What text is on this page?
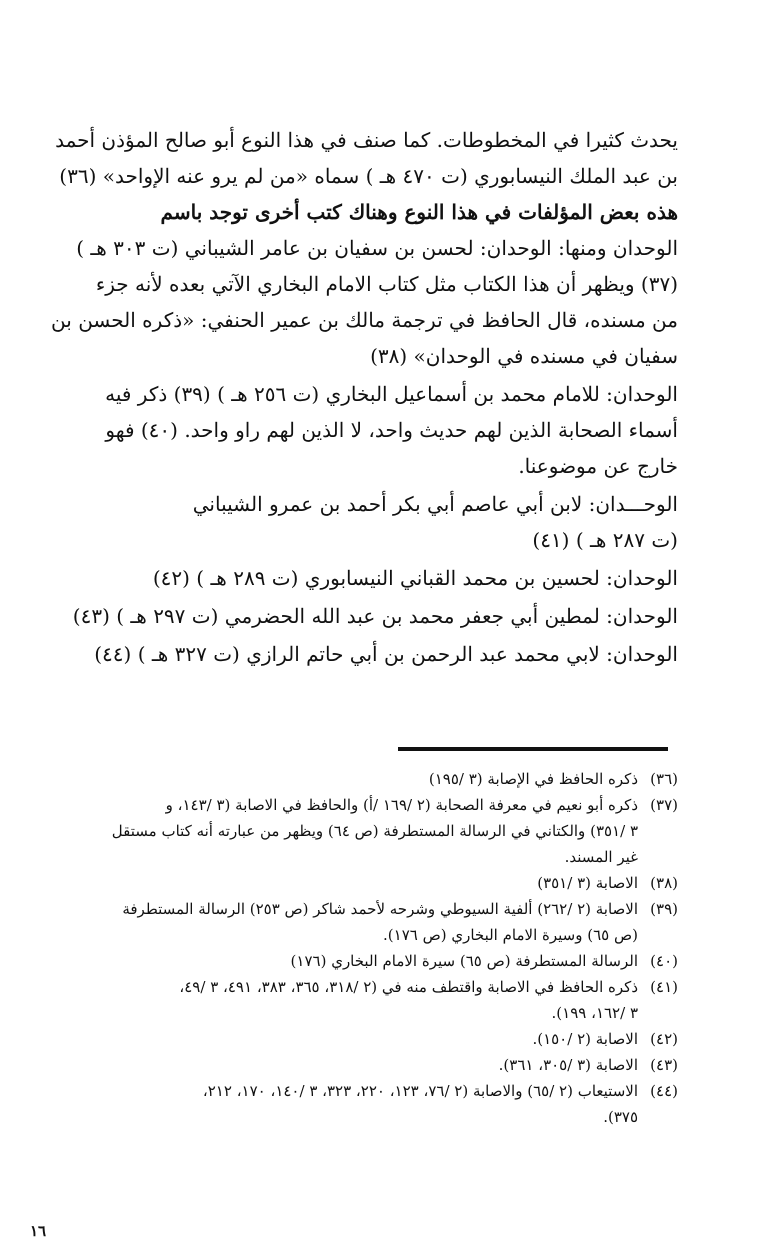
يحدث كثيرا في المخطوطات. كما صنف في هذا النوع أبو صالح المؤذن أحمد
بن عبد الملك النيسابوري (ت ٤٧٠ هـ ) سماه «من لم يرو عنه الإواحد» (٣٦)
هذه بعض المؤلفات في هذا النوع وهناك كتب أخرى توجد باسم
الوحدان ومنها: الوحدان: لحسن بن سفيان بن عامر الشيباني (ت ٣٠٣ هـ )
(٣٧) ويظهر أن هذا الكتاب مثل كتاب الامام البخاري الآتي بعده لأنه جزء
من مسنده، قال الحافظ في ترجمة مالك بن عمير الحنفي: «ذكره الحسن بن
سفيان في مسنده في الوحدان» (٣٨)
الوحدان: للامام محمد بن أسماعيل البخاري (ت ٢٥٦ هـ ) (٣٩) ذكر فيه
أسماء الصحابة الذين لهم حديث واحد، لا الذين لهم راو واحد. (٤٠) فهو
خارج عن موضوعنا.
الوحـــدان: لابن أبي عاصم أبي بكر أحمد بن عمرو الشيباني
(ت ٢٨٧ هـ ) (٤١)
الوحدان: لحسين بن محمد القباني النيسابوري (ت ٢٨٩ هـ ) (٤٢)
الوحدان: لمطين أبي جعفر محمد بن عبد الله الحضرمي (ت ٢٩٧ هـ ) (٤٣)
الوحدان: لابي محمد عبد الرحمن بن أبي حاتم الرازي (ت ٣٢٧ هـ ) (٤٤)
(٣٦)
ذكره الحافظ في الإصابة (٣ /١٩٥)
(٣٧)
ذكره أبو نعيم في معرفة الصحابة (٢ /١٦٩ /أ) والحافظ في الاصابة (٣ /١٤٣، و
٣ /٣٥١) والكتاني في الرسالة المستطرفة (ص ٦٤) ويظهر من عبارته أنه كتاب مستقل
غير المسند.
(٣٨)
الاصابة (٣ /٣٥١)
(٣٩)
الاصابة (٢ /٢٦٢) ألفية السيوطي وشرحه لأحمد شاكر (ص ٢٥٣) الرسالة المستطرفة
(ص ٦٥) وسيرة الامام البخاري (ص ١٧٦).
(٤٠)
الرسالة المستطرفة (ص ٦٥) سيرة الامام البخاري (١٧٦)
(٤١)
ذكره الحافظ في الاصابة واقتطف منه في (٢ /٣١٨، ٣٦٥، ٣٨٣، ٤٩١، ٣ /٤٩،
٣ /١٦٢، ١٩٩).
(٤٢)
الاصابة (٢ /١٥٠).
(٤٣)
الاصابة (٣ /٣٠٥، ٣٦١).
(٤٤)
الاستيعاب (٢ /٦٥) والاصابة (٢ /٧٦، ١٢٣، ٢٢٠، ٣٢٣، ٣ /١٤٠، ١٧٠، ٢١٢،
٣٧٥).
١٦
